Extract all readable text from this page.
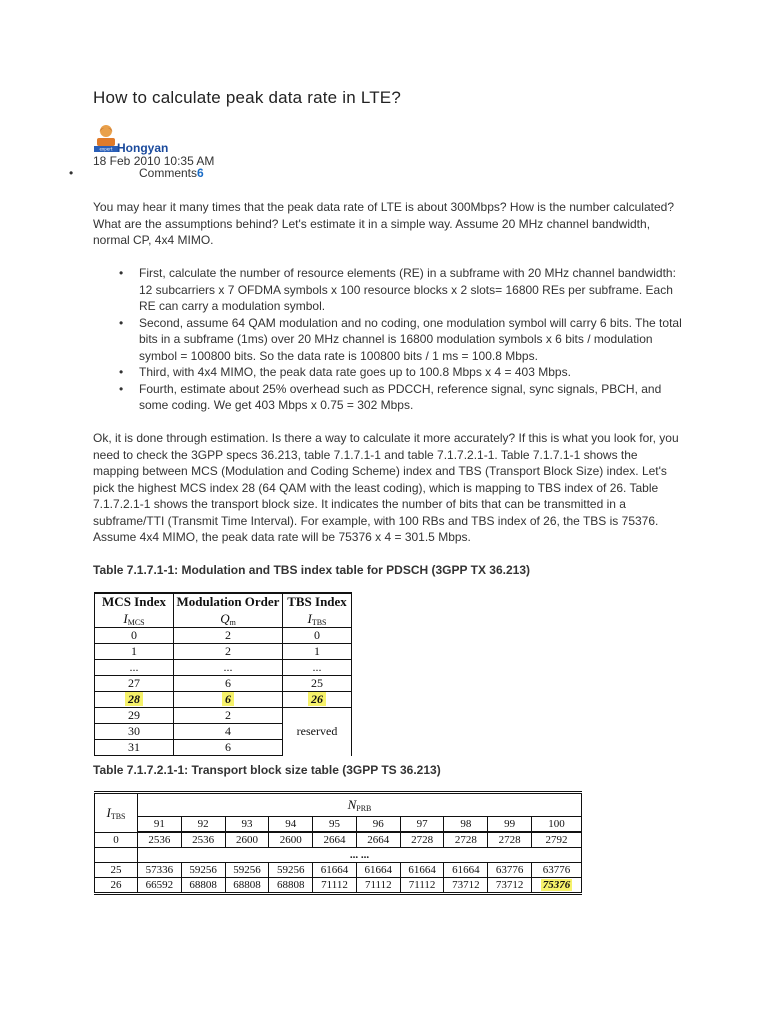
How to calculate peak data rate in LTE?
expert Hongyan
18 Feb 2010 10:35 AM
•	Comments6

You may hear it many times that the peak data rate of LTE is about 300Mbps? How is the number calculated? What are the assumptions behind? Let's estimate it in a simple way. Assume 20 MHz channel bandwidth, normal CP, 4x4 MIMO.

• First, calculate the number of resource elements (RE) in a subframe with 20 MHz channel bandwidth: 12 subcarriers x 7 OFDMA symbols x 100 resource blocks x 2 slots= 16800 REs per subframe. Each RE can carry a modulation symbol.
• Second, assume 64 QAM modulation and no coding, one modulation symbol will carry 6 bits. The total bits in a subframe (1ms) over 20 MHz channel is 16800 modulation symbols x 6 bits / modulation symbol = 100800 bits. So the data rate is 100800 bits / 1 ms = 100.8 Mbps.
• Third, with 4x4 MIMO, the peak data rate goes up to 100.8 Mbps x 4 = 403 Mbps.
• Fourth, estimate about 25% overhead such as PDCCH, reference signal, sync signals, PBCH, and some coding. We get 403 Mbps x 0.75 = 302 Mbps.

Ok, it is done through estimation. Is there a way to calculate it more accurately? If this is what you look for, you need to check the 3GPP specs 36.213, table 7.1.7.1-1 and table 7.1.7.2.1-1. Table 7.1.7.1-1 shows the mapping between MCS (Modulation and Coding Scheme) index and TBS (Transport Block Size) index. Let's pick the highest MCS index 28 (64 QAM with the least coding), which is mapping to TBS index of 26. Table 7.1.7.2.1-1 shows the transport block size. It indicates the number of bits that can be transmitted in a subframe/TTI (Transmit Time Interval). For example, with 100 RBs and TBS index of 26, the TBS is 75376. Assume 4x4 MIMO, the peak data rate will be 75376 x 4 = 301.5 Mbps.

Table 7.1.7.1-1: Modulation and TBS index table for PDSCH (3GPP TX 36.213)

MCS Index	Modulation Order	TBS Index
$I_{MCS}$	$Q_m$	$I_{TBS}$
0	2	0
1	2	1
...	...	...
27	6	25
28	6	26
29	2	
30	4	reserved
31	6	

Table 7.1.7.2.1-1: Transport block size table (3GPP TS 36.213)

$I_{TBS}$	$N_{PRB}$
	91	92	93	94	95	96	97	98	99	100
0	2536	2536	2600	2600	2664	2664	2728	2728	2728	2792
	... ...									
25	57336	59256	59256	59256	61664	61664	61664	61664	63776	63776
26	66592	68808	68808	68808	71112	71112	71112	73712	73712	75376
